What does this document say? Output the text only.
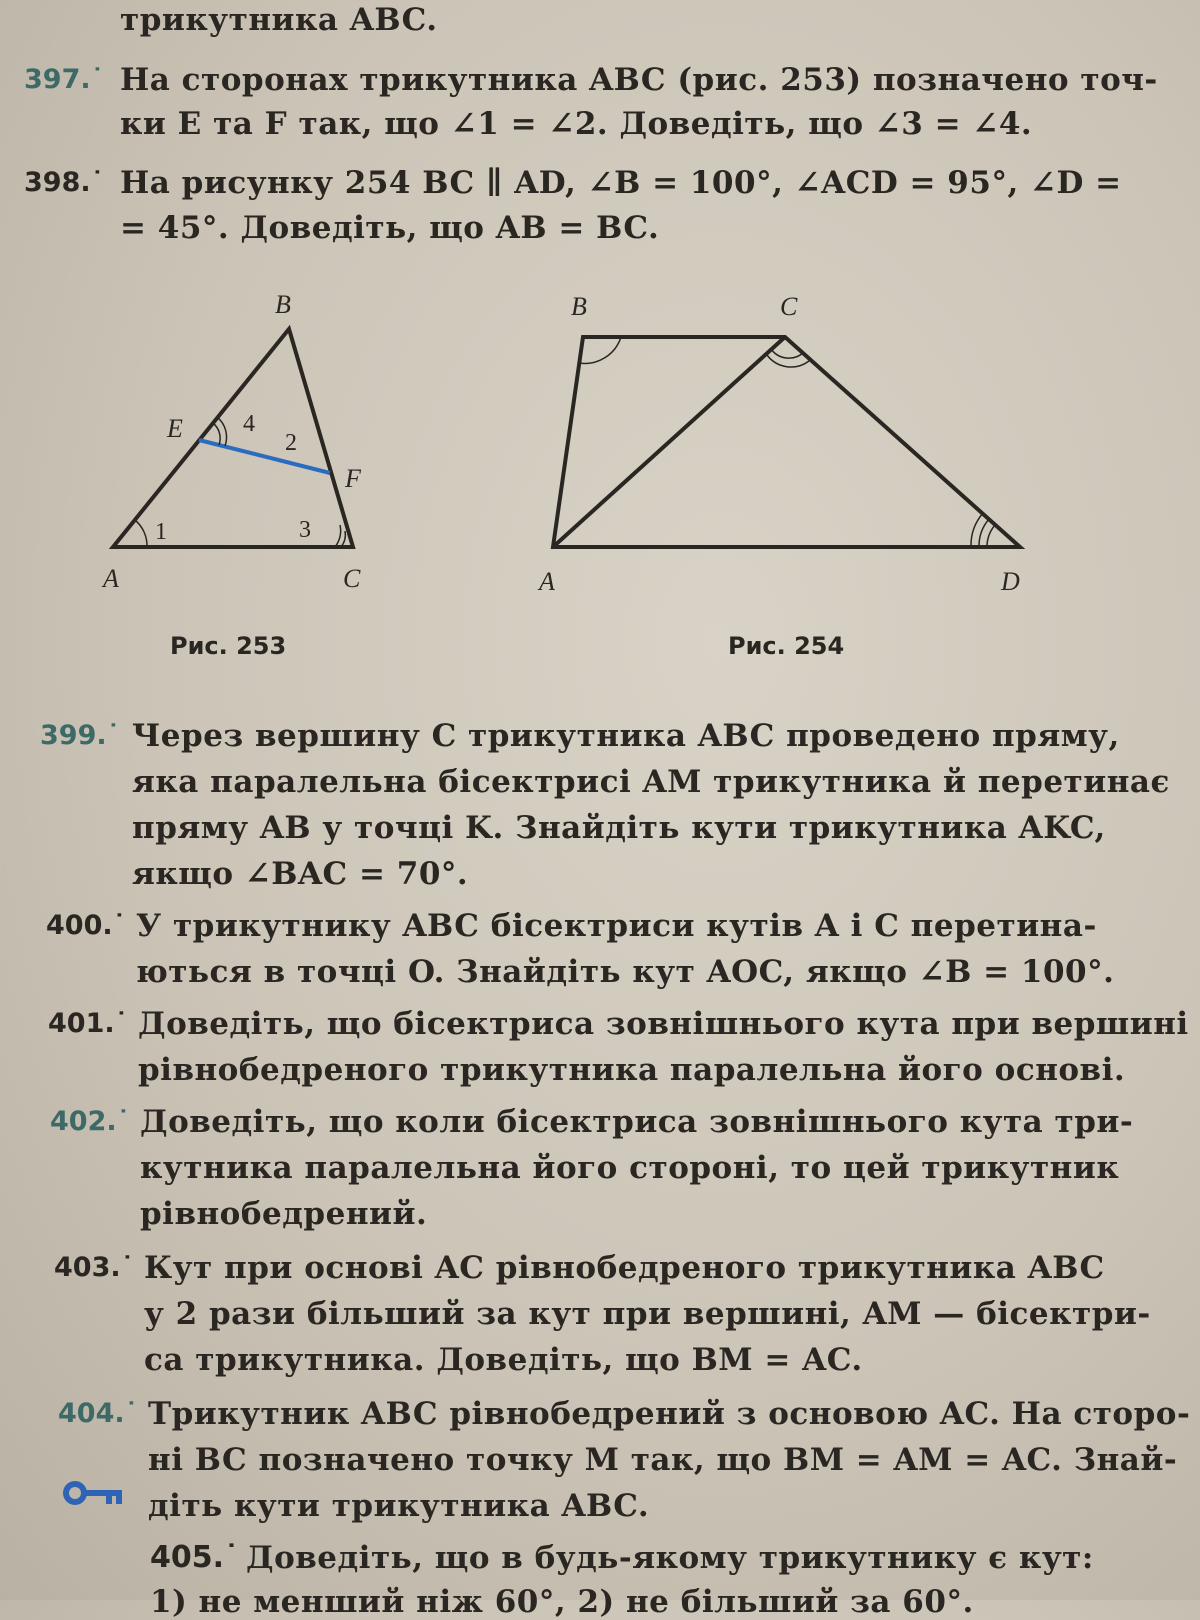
трикутника ABC.
397.˙ На сторонах трикутника ABC (рис. 253) позначено точ-
ки E та F так, що ∠1 = ∠2. Доведіть, що ∠3 = ∠4.
398.˙ На рисунку 254 BC ∥ AD, ∠B = 100°, ∠ACD = 95°, ∠D =
= 45°. Доведіть, що AB = BC.
B
E
F
A	C
1
2
3
4
Рис. 253
B	C
A	D
Рис. 254
399.˙ Через вершину C трикутника ABC проведено пряму,
яка паралельна бісектрисі AM трикутника й перетинає
пряму AB у точці K. Знайдіть кути трикутника AKC,
якщо ∠BAC = 70°.
400.˙ У трикутнику ABC бісектриси кутів A і C перетина-
ються в точці O. Знайдіть кут AOC, якщо ∠B = 100°.
401.˙ Доведіть, що бісектриса зовнішнього кута при вершині
рівнобедреного трикутника паралельна його основі.
402.˙ Доведіть, що коли бісектриса зовнішнього кута три-
кутника паралельна його стороні, то цей трикутник
рівнобедрений.
403.˙ Кут при основі AC рівнобедреного трикутника ABC
у 2 рази більший за кут при вершині, AM — бісектри-
са трикутника. Доведіть, що BM = AC.
404.˙ Трикутник ABC рівнобедрений з основою AC. На сторо-
ні BC позначено точку M так, що BM = AM = AC. Знай-
діть кути трикутника ABC.
405.˙ Доведіть, що в будь-якому трикутнику є кут:
1) не менший ніж 60°, 2) не більший за 60°.
